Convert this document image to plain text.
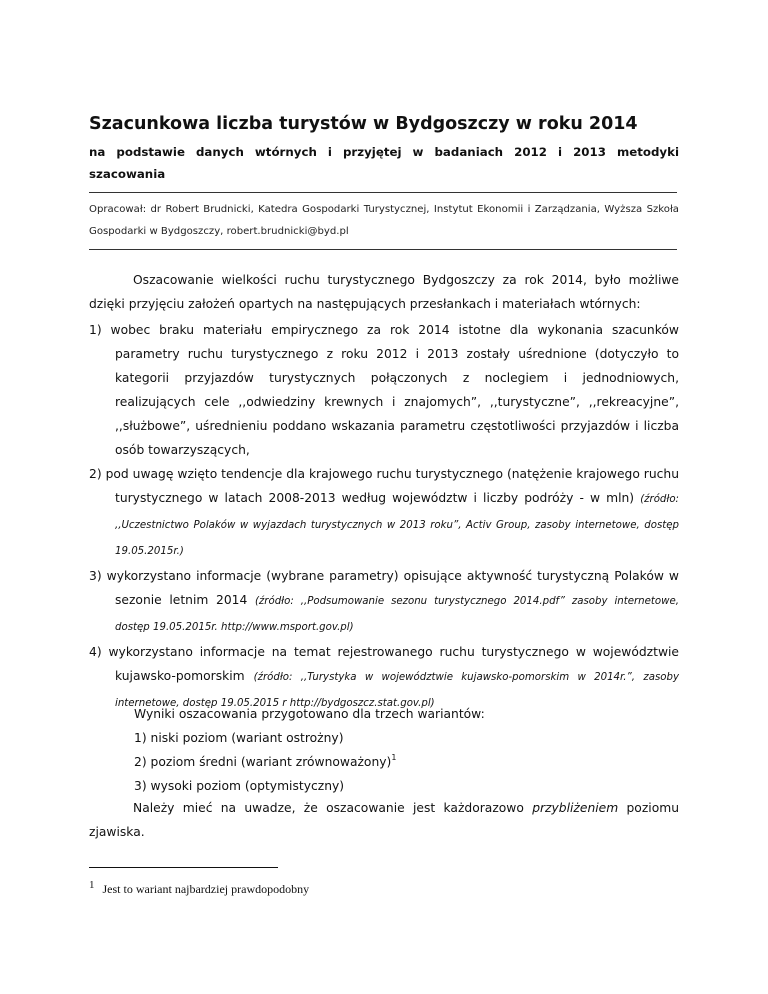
Szacunkowa liczba turystów w Bydgoszczy w roku 2014
na podstawie danych wtórnych i przyjętej w badaniach 2012 i 2013 metodyki szacowania
Opracował: dr Robert Brudnicki, Katedra Gospodarki Turystycznej, Instytut Ekonomii i Zarządzania, Wyższa Szkoła Gospodarki w Bydgoszczy, robert.brudnicki@byd.pl

Oszacowanie wielkości ruchu turystycznego Bydgoszczy za rok 2014, było możliwe dzięki przyjęciu założeń opartych na następujących przesłankach i materiałach wtórnych:

1) wobec braku materiału empirycznego za rok 2014 istotne dla wykonania szacunków parametry ruchu turystycznego z roku 2012 i 2013 zostały uśrednione (dotyczyło to kategorii przyjazdów turystycznych połączonych z noclegiem i jednodniowych, realizujących cele ,,odwiedziny krewnych i znajomych”, ,,turystyczne”, ,,rekreacyjne”, ,,służbowe”, uśrednieniu poddano wskazania parametru częstotliwości przyjazdów i liczba osób towarzyszących,
2) pod uwagę wzięto tendencje dla krajowego ruchu turystycznego (natężenie krajowego ruchu turystycznego w latach 2008-2013 według województw i liczby podróży - w mln) (źródło: ,,Uczestnictwo Polaków w wyjazdach turystycznych w 2013 roku”, Activ Group, zasoby internetowe, dostęp 19.05.2015r.)
3) wykorzystano informacje (wybrane parametry) opisujące aktywność turystyczną Polaków w sezonie letnim 2014 (źródło: ,,Podsumowanie sezonu turystycznego 2014.pdf” zasoby internetowe, dostęp 19.05.2015r. http://www.msport.gov.pl)
4) wykorzystano informacje na temat rejestrowanego ruchu turystycznego w województwie kujawsko-pomorskim (źródło: ,,Turystyka w województwie kujawsko-pomorskim w 2014r.”, zasoby internetowe, dostęp 19.05.2015 r http://bydgoszcz.stat.gov.pl)
Wyniki oszacowania przygotowano dla trzech wariantów:
1) niski poziom (wariant ostrożny)
2) poziom średni (wariant zrównoważony)$^1$
3) wysoki poziom (optymistyczny)

Należy mieć na uwadze, że oszacowanie jest każdorazowo przybliżeniem poziomu zjawiska.

1 Jest to wariant najbardziej prawdopodobny
